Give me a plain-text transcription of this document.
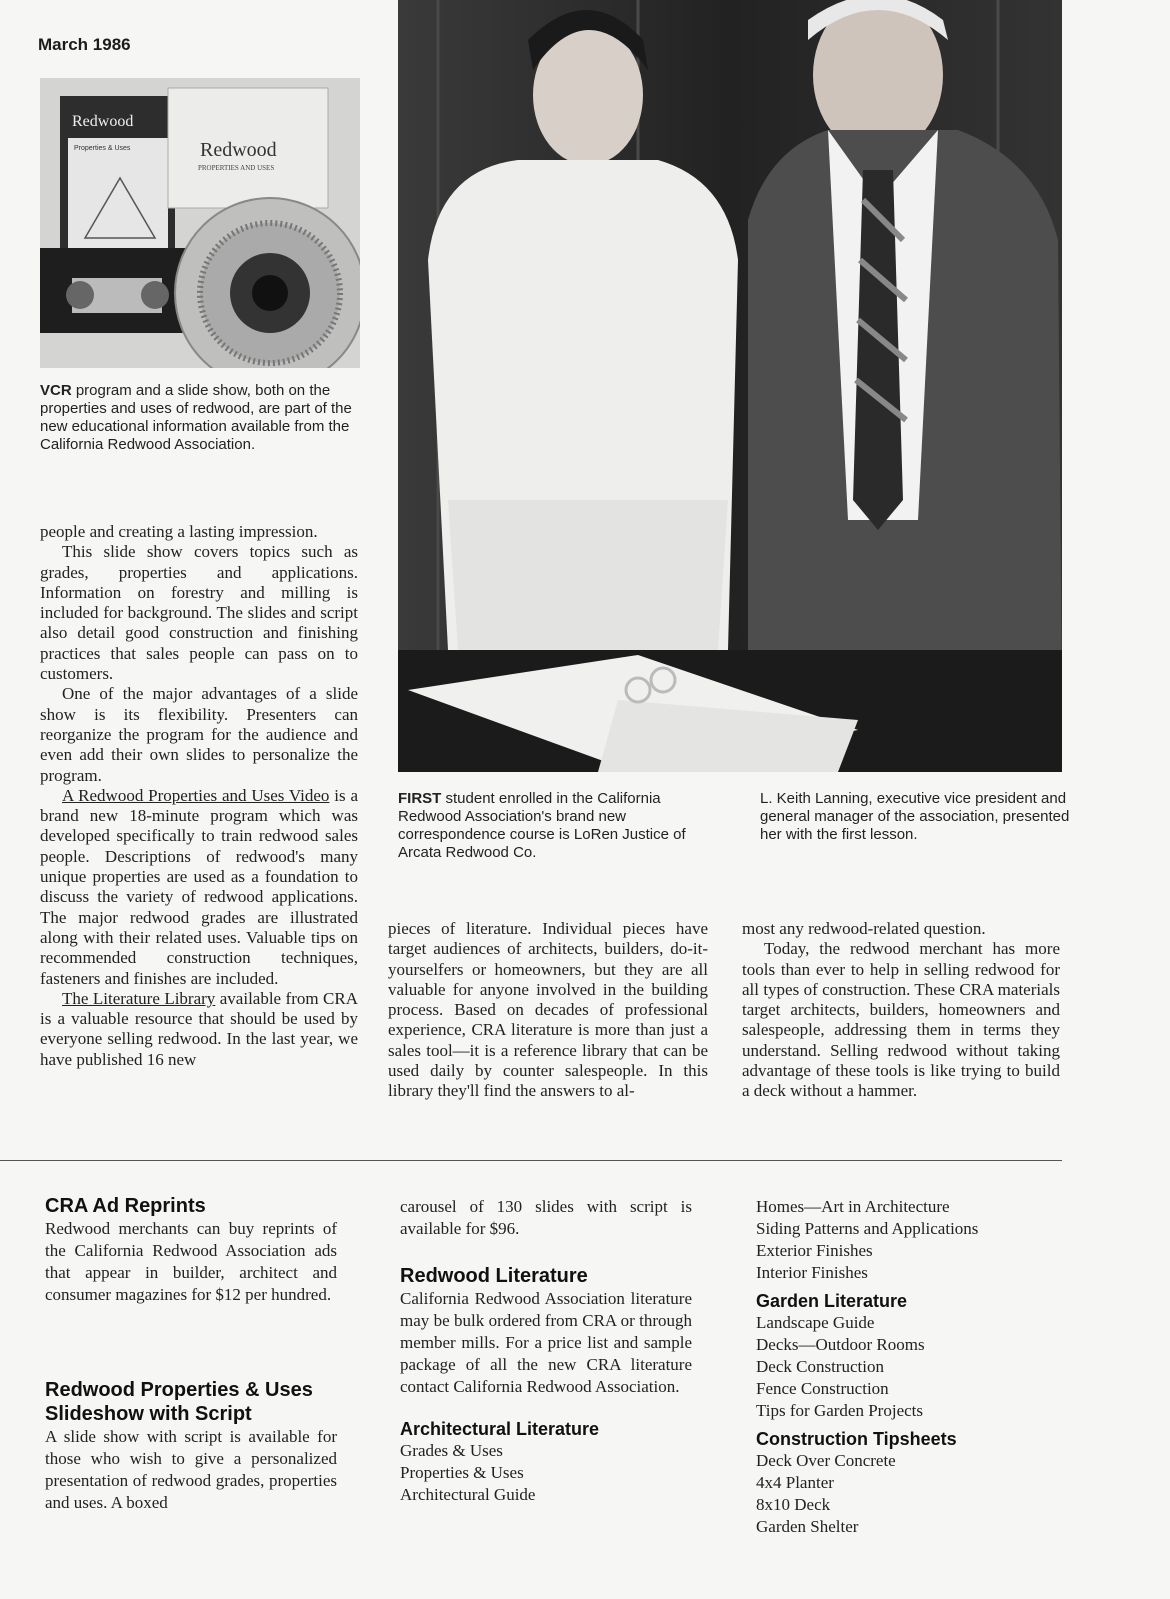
March 1986
Redwood
Properties & Uses	Redwood
PROPERTIES AND USES
VCR program and a slide show, both on the properties and uses of redwood, are part of the new educational information available from the California Redwood Association.
FIRST student enrolled in the California Redwood Association's brand new correspondence course is LoRen Justice of Arcata Redwood Co.
L. Keith Lanning, executive vice president and general manager of the association, presented her with the first lesson.

people and creating a lasting impression.

This slide show covers topics such as grades, properties and applications. Information on forestry and milling is included for background. The slides and script also detail good construction and finishing practices that sales people can pass on to customers.

One of the major advantages of a slide show is its flexibility. Presenters can reorganize the program for the audience and even add their own slides to personalize the program.

A Redwood Properties and Uses Video is a brand new 18-minute program which was developed specifically to train redwood sales people. Descriptions of redwood's many unique properties are used as a foundation to discuss the variety of redwood applications. The major redwood grades are illustrated along with their related uses. Valuable tips on recommended construction techniques, fasteners and finishes are included.

The Literature Library available from CRA is a valuable resource that should be used by everyone selling redwood. In the last year, we have published 16 new

pieces of literature. Individual pieces have target audiences of architects, builders, do-it-yourselfers or homeowners, but they are all valuable for anyone involved in the building process. Based on decades of professional experience, CRA literature is more than just a sales tool—it is a reference library that can be used daily by counter salespeople. In this library they'll find the answers to al-

most any redwood-related question.

Today, the redwood merchant has more tools than ever to help in selling redwood for all types of construction. These CRA materials target architects, builders, homeowners and salespeople, addressing them in terms they understand. Selling redwood without taking advantage of these tools is like trying to build a deck without a hammer.

CRA Ad Reprints

Redwood merchants can buy reprints of the California Redwood Association ads that appear in builder, architect and consumer magazines for $12 per hundred.

Redwood Properties & Uses Slideshow with Script

A slide show with script is available for those who wish to give a personalized presentation of redwood grades, properties and uses. A boxed

carousel of 130 slides with script is available for $96.

Redwood Literature

California Redwood Association literature may be bulk ordered from CRA or through member mills. For a price list and sample package of all the new CRA literature contact California Redwood Association.

Architectural Literature
Grades & Uses
Properties & Uses
Architectural Guide
Homes—Art in Architecture
Siding Patterns and Applications
Exterior Finishes
Interior Finishes
Garden Literature
Landscape Guide
Decks—Outdoor Rooms
Deck Construction
Fence Construction
Tips for Garden Projects
Construction Tipsheets
Deck Over Concrete
4x4 Planter
8x10 Deck
Garden Shelter
